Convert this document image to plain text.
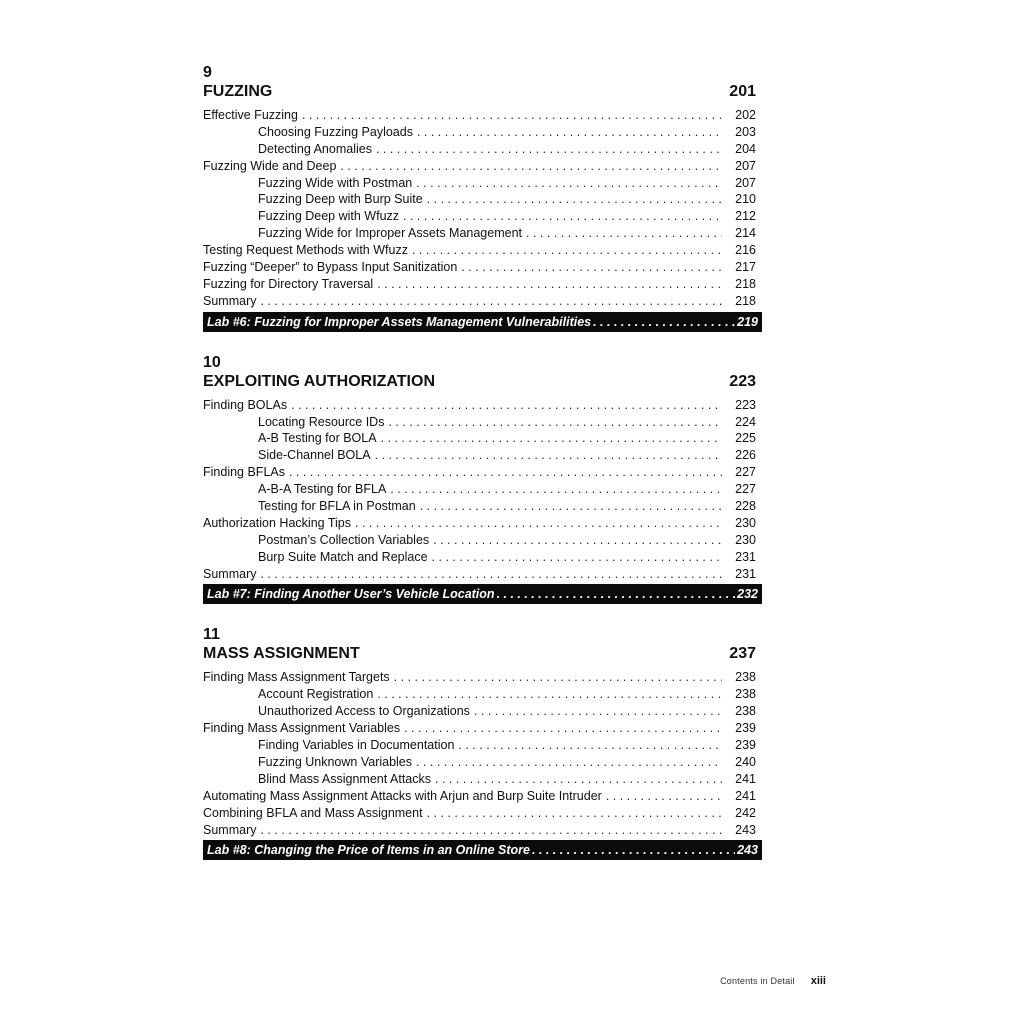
9
FUZZING	201
Effective Fuzzing . . .	202
Choosing Fuzzing Payloads . . .	203
Detecting Anomalies . . .	204
Fuzzing Wide and Deep . . .	207
Fuzzing Wide with Postman . . .	207
Fuzzing Deep with Burp Suite . . .	210
Fuzzing Deep with Wfuzz . . .	212
Fuzzing Wide for Improper Assets Management . . .	214
Testing Request Methods with Wfuzz . . .	216
Fuzzing “Deeper” to Bypass Input Sanitization . . .	217
Fuzzing for Directory Traversal . . .	218
Summary . . .	218
Lab #6: Fuzzing for Improper Assets Management Vulnerabilities . . .	219
10
EXPLOITING AUTHORIZATION	223
Finding BOLAs . . .	223
Locating Resource IDs . . .	224
A-B Testing for BOLA . . .	225
Side-Channel BOLA . . .	226
Finding BFLAs . . .	227
A-B-A Testing for BFLA . . .	227
Testing for BFLA in Postman . . .	228
Authorization Hacking Tips . . .	230
Postman’s Collection Variables . . .	230
Burp Suite Match and Replace . . .	231
Summary . . .	231
Lab #7: Finding Another User’s Vehicle Location . . .	232
11
MASS ASSIGNMENT	237
Finding Mass Assignment Targets . . .	238
Account Registration . . .	238
Unauthorized Access to Organizations . . .	238
Finding Mass Assignment Variables . . .	239
Finding Variables in Documentation . . .	239
Fuzzing Unknown Variables . . .	240
Blind Mass Assignment Attacks . . .	241
Automating Mass Assignment Attacks with Arjun and Burp Suite Intruder . . .	241
Combining BFLA and Mass Assignment . . .	242
Summary . . .	243
Lab #8: Changing the Price of Items in an Online Store . . .	243
Contents in Detail xiii
